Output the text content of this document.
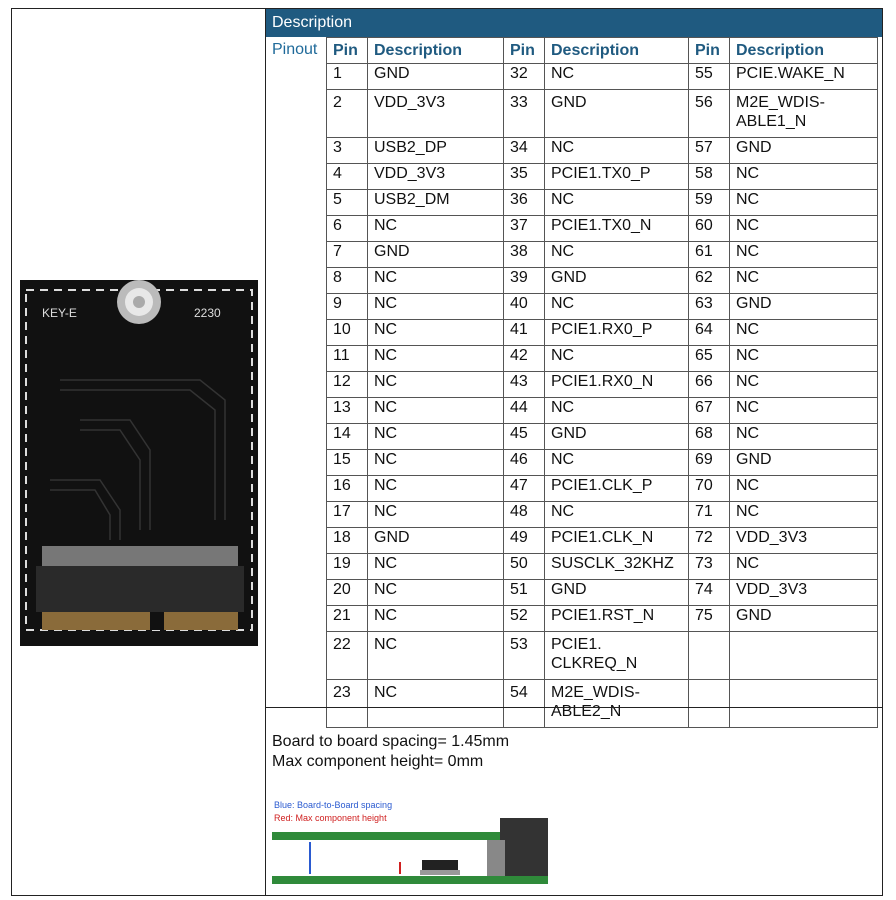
KEY-E	2230
Description
Pinout Pin	Description	Pin	Description	Pin	Description
1	GND	32	NC	55	PCIE.WAKE_N
2	VDD_3V3	33	GND	56	M2E_WDIS-
ABLE1_N
3	USB2_DP	34	NC	57	GND
4	VDD_3V3	35	PCIE1.TX0_P	58	NC
5	USB2_DM	36	NC	59	NC
6	NC	37	PCIE1.TX0_N	60	NC
7	GND	38	NC	61	NC
8	NC	39	GND	62	NC
9	NC	40	NC	63	GND
10	NC	41	PCIE1.RX0_P	64	NC
11	NC	42	NC	65	NC
12	NC	43	PCIE1.RX0_N	66	NC
13	NC	44	NC	67	NC
14	NC	45	GND	68	NC
15	NC	46	NC	69	GND
16	NC	47	PCIE1.CLK_P	70	NC
17	NC	48	NC	71	NC
18	GND	49	PCIE1.CLK_N	72	VDD_3V3
19	NC	50	SUSCLK_32KHZ	73	NC
20	NC	51	GND	74	VDD_3V3
21	NC	52	PCIE1.RST_N	75	GND
22	NC	53	PCIE1.
CLKREQ_N		
23	NC	54	M2E_WDIS-
ABLE2_N		
Board to board spacing= 1.45mm
Max component height= 0mm
Blue: Board-to-Board spacing
Red: Max component height
